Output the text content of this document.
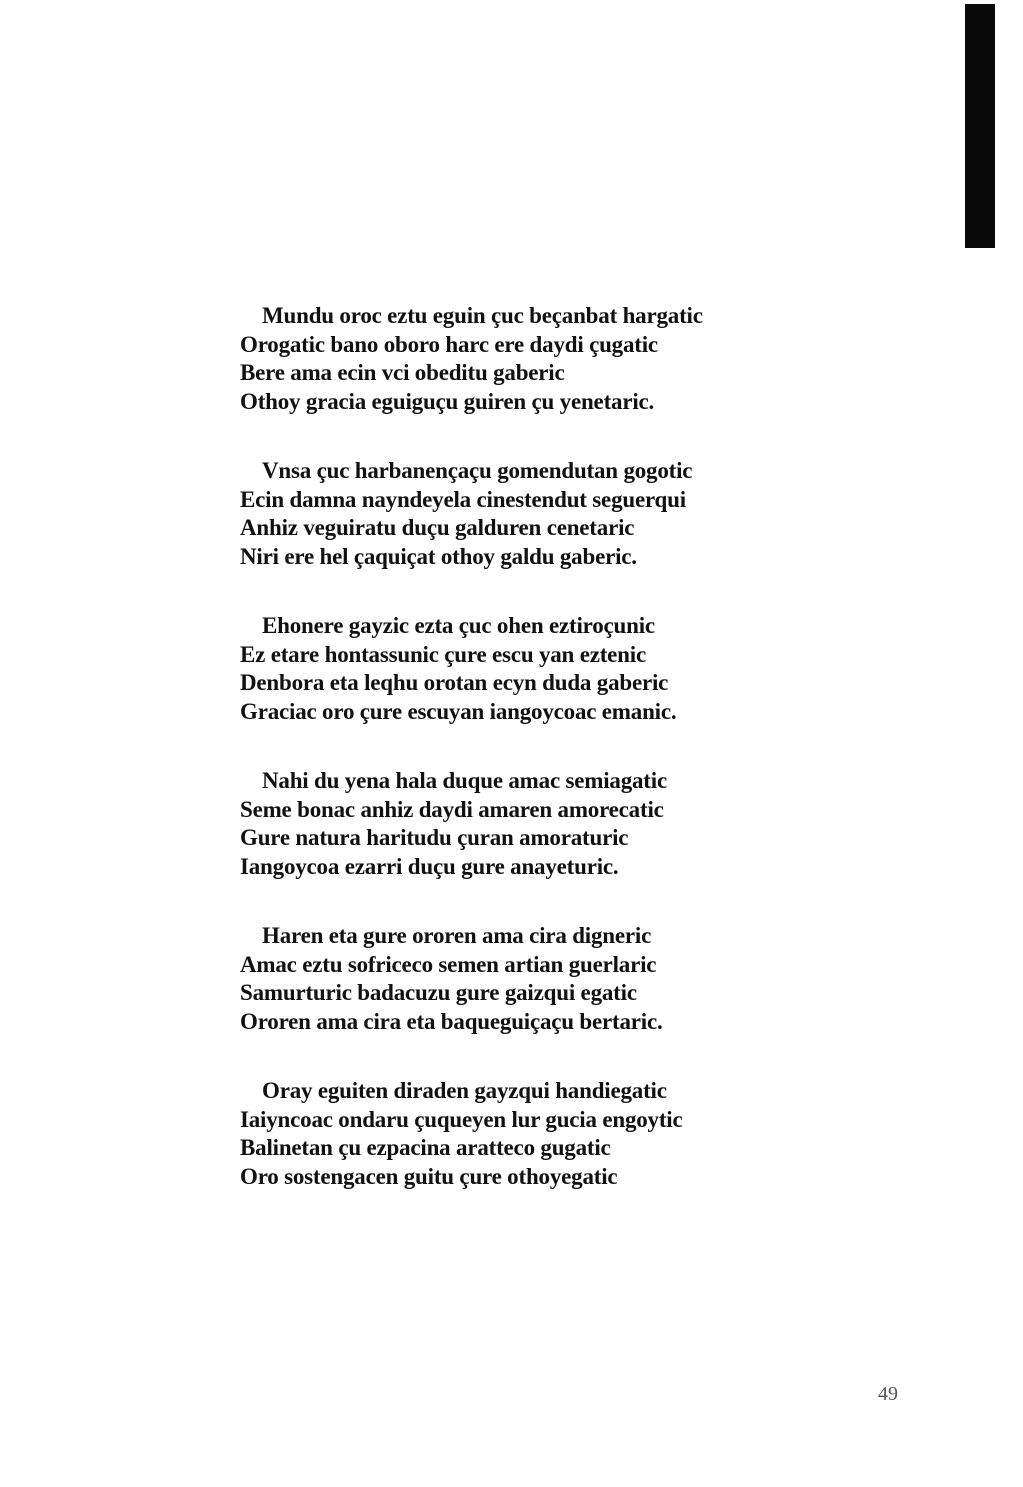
Mundu oroc eztu eguin çuc beçanbat hargatic
Orogatic bano oboro harc ere daydi çugatic
Bere ama ecin vci obeditu gaberic
Othoy gracia eguiguçu guiren çu yenetaric.
Vnsa çuc harbanençaçu gomendutan gogotic
Ecin damna nayndeyela cinestendut seguerqui
Anhiz veguiratu duçu galduren cenetaric
Niri ere hel çaquiçat othoy galdu gaberic.
Ehonere gayzic ezta çuc ohen eztiroçunic
Ez etare hontassunic çure escu yan eztenic
Denbora eta leqhu orotan ecyn duda gaberic
Graciac oro çure escuyan iangoycoac emanic.
Nahi du yena hala duque amac semiagatic
Seme bonac anhiz daydi amaren amorecatic
Gure natura haritudu çuran amoraturic
Iangoycoa ezarri duçu gure anayeturic.
Haren eta gure ororen ama cira digneric
Amac eztu sofriceco semen artian guerlaric
Samurturic badacuzu gure gaizqui egatic
Ororen ama cira eta baqueguiçaçu bertaric.
Oray eguiten diraden gayzqui handiegatic
Iaiyncoac ondaru çuqueyen lur gucia engoytic
Balinetan çu ezpacina aratteco gugatic
Oro sostengacen guitu çure othoyegatic
49
